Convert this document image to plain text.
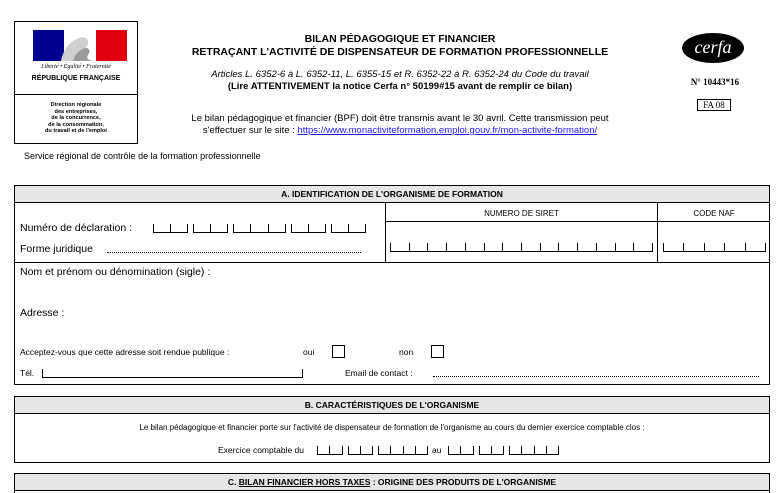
Liberté • Égalité • Fraternité
RÉPUBLIQUE FRANÇAISE
Direction régionale
des entreprises,
de la concurrence,
de la consommation,
du travail et de l'emploi
Service régional de contrôle de la formation professionnelle
BILAN PÉDAGOGIQUE ET FINANCIER
RETRAÇANT L'ACTIVITÉ DE DISPENSATEUR DE FORMATION PROFESSIONNELLE
Articles L. 6352-6 à L. 6352-11, L. 6355-15 et R. 6352-22 à R. 6352-24 du Code du travail
(Lire ATTENTIVEMENT la notice Cerfa n° 50199#15 avant de remplir ce bilan)
Le bilan pédagogique et financier (BPF) doit être transmis avant le 30 avril. Cette transmission peut
s'effectuer sur le site : https://www.monactiviteformation.emploi.gouv.fr/mon-activite-formation/
cerfa
N° 10443*16
FA 08
A. IDENTIFICATION DE L'ORGANISME DE FORMATION
NUMERO DE SIRET	CODE NAF
Numéro de déclaration :
Forme juridique
Nom et prénom ou dénomination (sigle) :
Adresse :
Acceptez-vous que cette adresse soit rendue publique :	oui	non
Tél.	Email de contact :
B. CARACTÉRISTIQUES DE L'ORGANISME
Le bilan pédagogique et financier porte sur l'activité de dispensateur de formation de l'organisme au cours du dernier exercice comptable clos :
Exercice comptable du	au
C. BILAN FINANCIER HORS TAXES : ORIGINE DES PRODUITS DE L'ORGANISME
